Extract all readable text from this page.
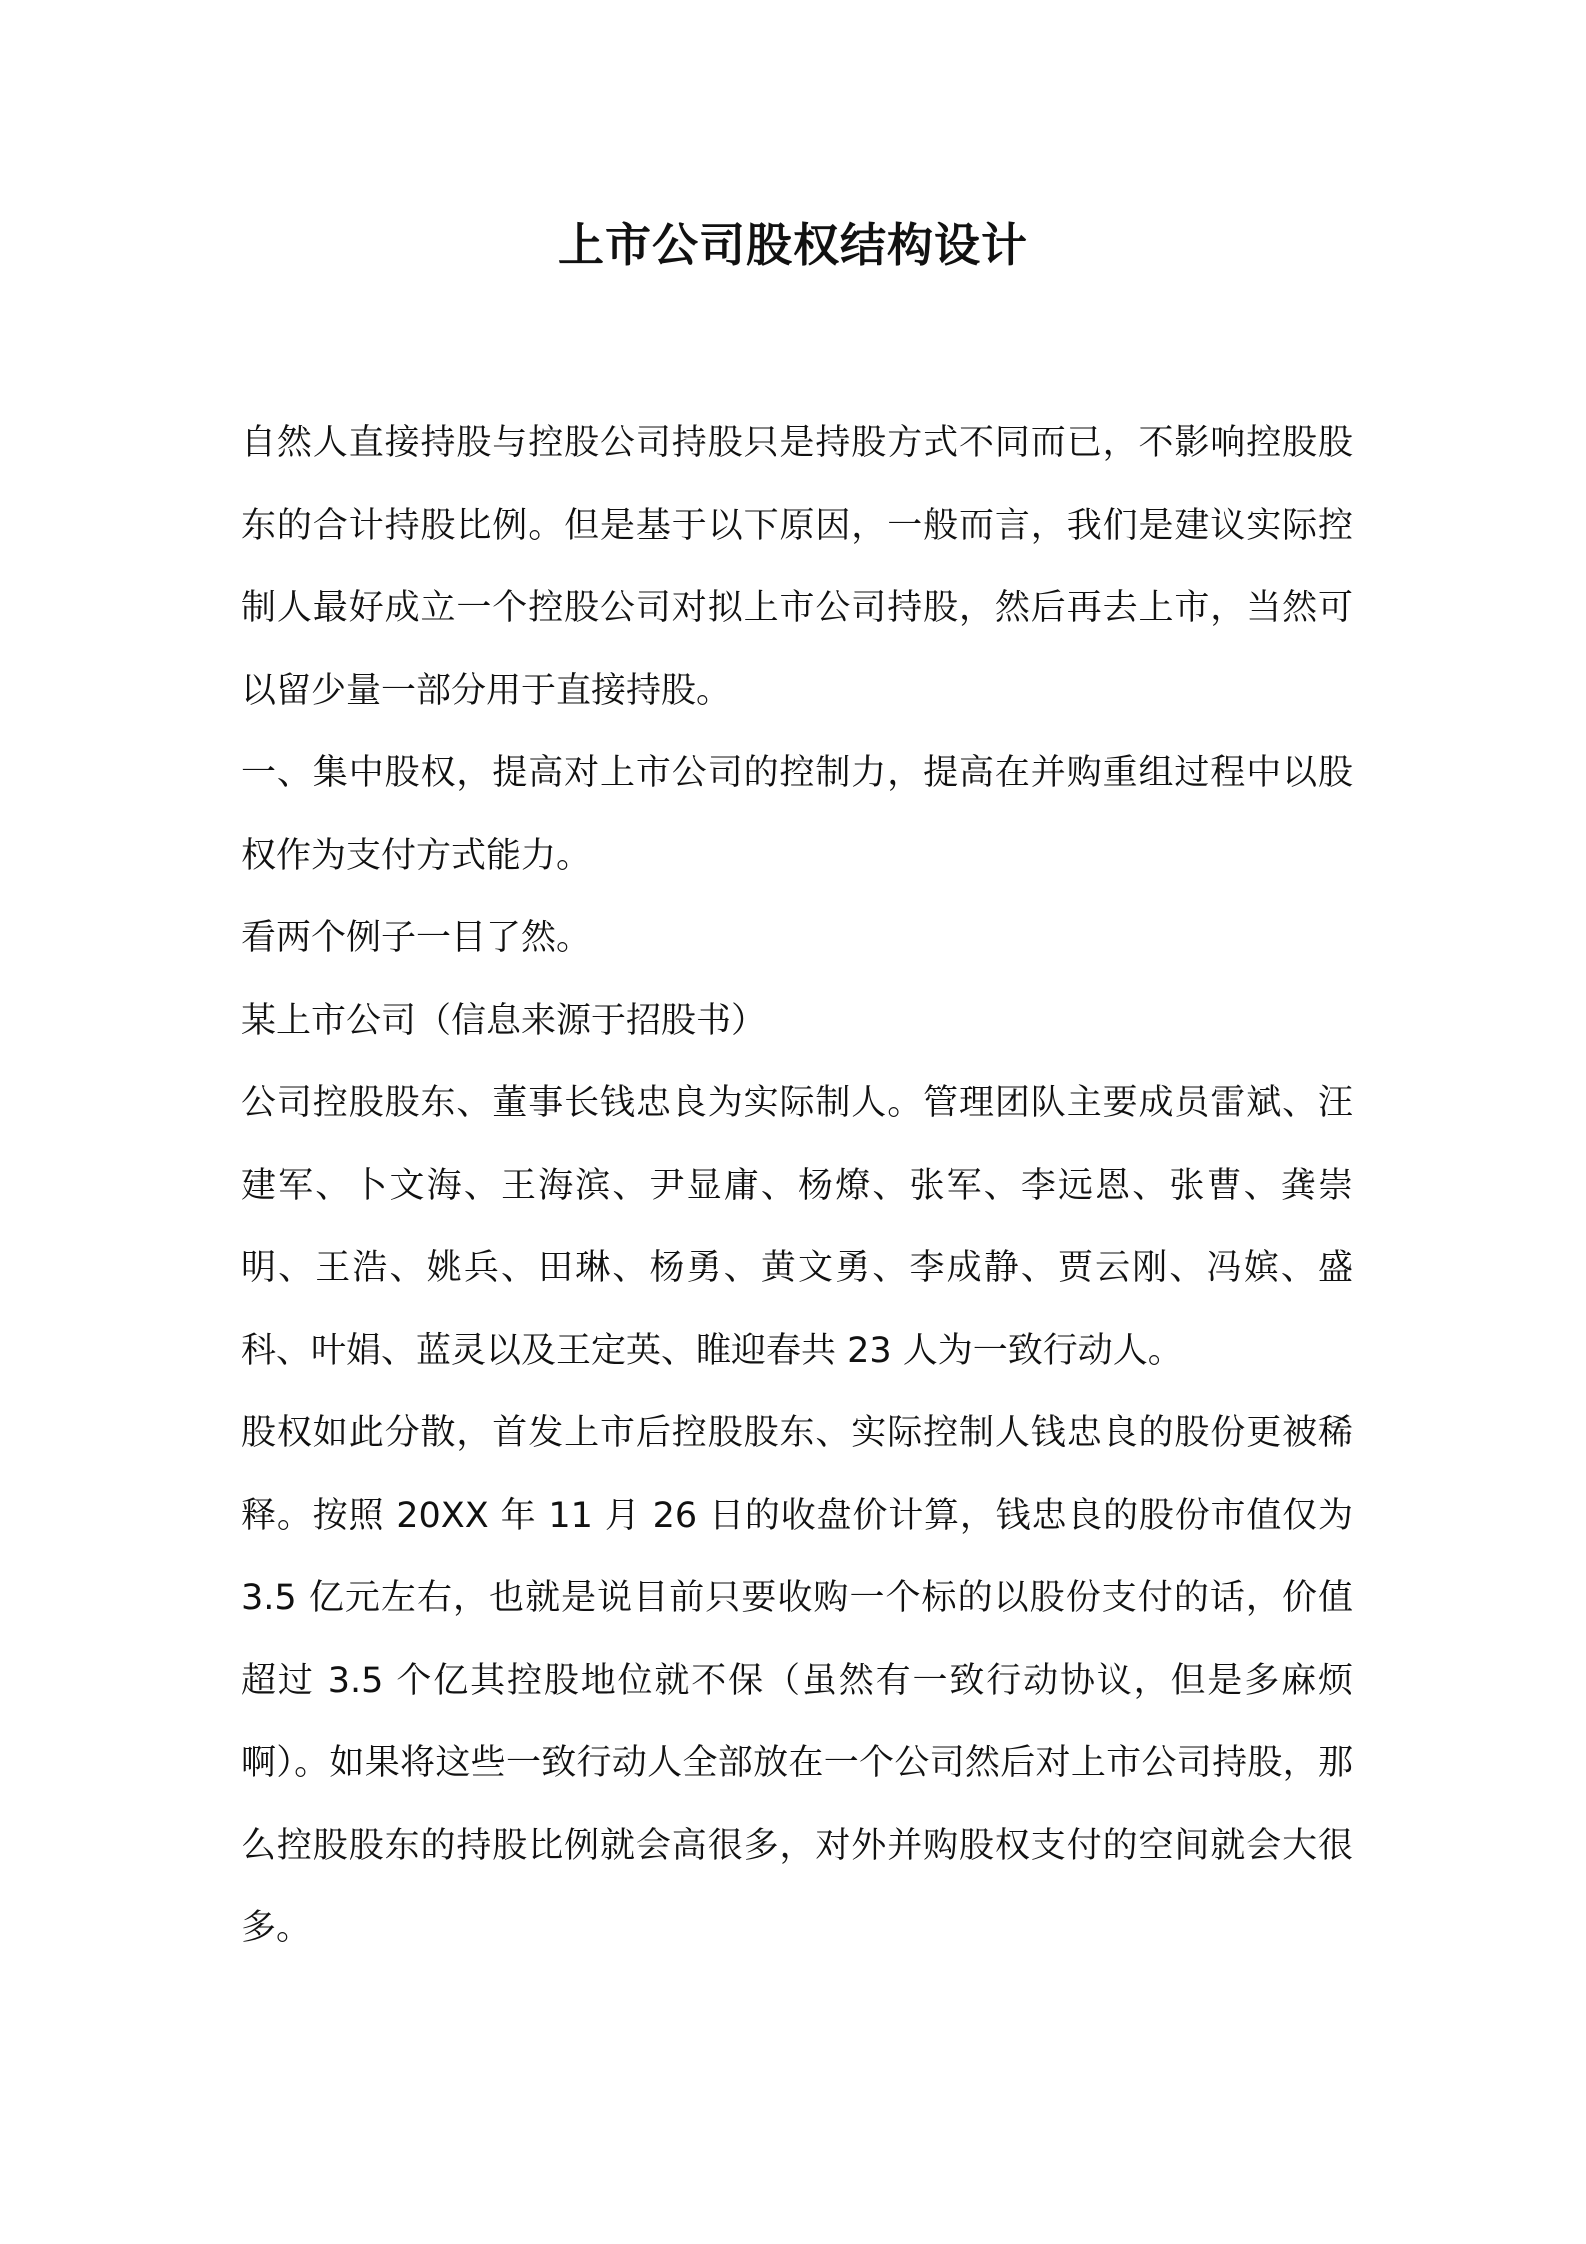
上市公司股权结构设计

自然人直接持股与控股公司持股只是持股方式不同而已，不影响控股股东的合计持股比例。但是基于以下原因，一般而言，我们是建议实际控制人最好成立一个控股公司对拟上市公司持股，然后再去上市，当然可以留少量一部分用于直接持股。

一、集中股权，提高对上市公司的控制力，提高在并购重组过程中以股权作为支付方式能力。

看两个例子一目了然。

某上市公司（信息来源于招股书）

公司控股股东、董事长钱忠良为实际制人。管理团队主要成员雷斌、汪建军、卜文海、王海滨、尹显庸、杨燎、张军、李远恩、张曹、龚崇明、王浩、姚兵、田琳、杨勇、黄文勇、李成静、贾云刚、冯嫔、盛科、叶娟、蓝灵以及王定英、睢迎春共 23 人为一致行动人。

股权如此分散，首发上市后控股股东、实际控制人钱忠良的股份更被稀释。按照 20XX 年 11 月 26 日的收盘价计算，钱忠良的股份市值仅为 3.5 亿元左右，也就是说目前只要收购一个标的以股份支付的话，价值超过 3.5 个亿其控股地位就不保（虽然有一致行动协议，但是多麻烦啊）。如果将这些一致行动人全部放在一个公司然后对上市公司持股，那么控股股东的持股比例就会高很多，对外并购股权支付的空间就会大很多。
